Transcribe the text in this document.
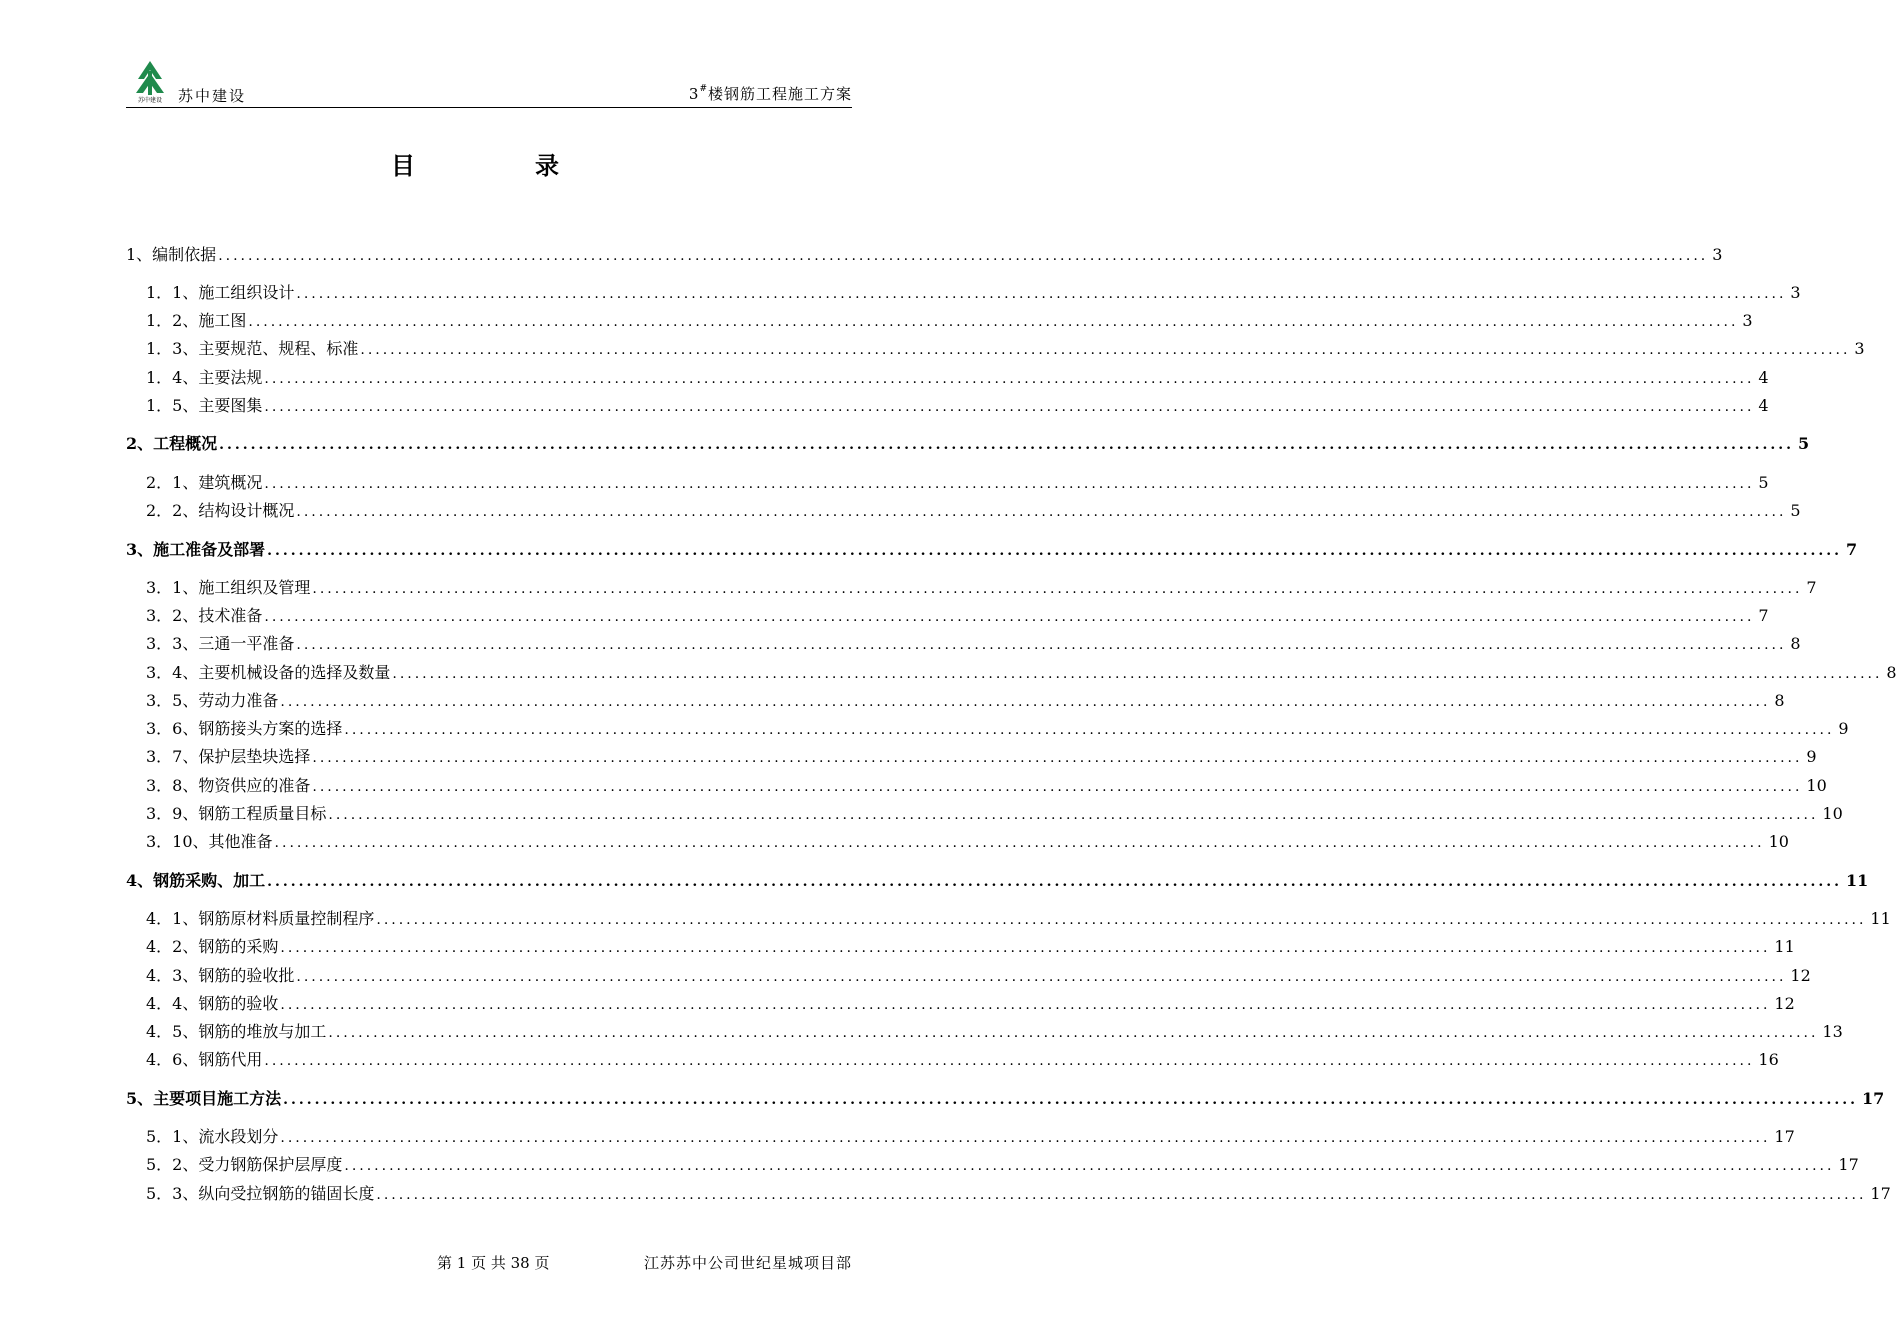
苏中建设 苏中建设	3#楼钢筋工程施工方案
目录
1、编制依据 ........................................................................................................................................................................................................ 3
1．1、施工组织设计 ........................................................................................................................................................................................................ 3
1．2、施工图 ........................................................................................................................................................................................................ 3
1．3、主要规范、规程、标准 ........................................................................................................................................................................................................ 3
1．4、主要法规 ........................................................................................................................................................................................................ 4
1．5、主要图集 ........................................................................................................................................................................................................ 4
2、工程概况 ........................................................................................................................................................................................................ 5
2．1、建筑概况 ........................................................................................................................................................................................................ 5
2．2、结构设计概况 ........................................................................................................................................................................................................ 5
3、施工准备及部署 ........................................................................................................................................................................................................ 7
3．1、施工组织及管理 ........................................................................................................................................................................................................ 7
3．2、技术准备 ........................................................................................................................................................................................................ 7
3．3、三通一平准备 ........................................................................................................................................................................................................ 8
3．4、主要机械设备的选择及数量 ........................................................................................................................................................................................................ 8
3．5、劳动力准备 ........................................................................................................................................................................................................ 8
3．6、钢筋接头方案的选择 ........................................................................................................................................................................................................ 9
3．7、保护层垫块选择 ........................................................................................................................................................................................................ 9
3．8、物资供应的准备 ........................................................................................................................................................................................................ 10
3．9、钢筋工程质量目标 ........................................................................................................................................................................................................ 10
3．10、其他准备 ........................................................................................................................................................................................................ 10
4、钢筋采购、加工 ........................................................................................................................................................................................................ 11
4．1、钢筋原材料质量控制程序 ........................................................................................................................................................................................................ 11
4．2、钢筋的采购 ........................................................................................................................................................................................................ 11
4．3、钢筋的验收批 ........................................................................................................................................................................................................ 12
4．4、钢筋的验收 ........................................................................................................................................................................................................ 12
4．5、钢筋的堆放与加工 ........................................................................................................................................................................................................ 13
4．6、钢筋代用 ........................................................................................................................................................................................................ 16
5、主要项目施工方法 ........................................................................................................................................................................................................ 17
5．1、流水段划分 ........................................................................................................................................................................................................ 17
5．2、受力钢筋保护层厚度 ........................................................................................................................................................................................................ 17
5．3、纵向受拉钢筋的锚固长度 ........................................................................................................................................................................................................ 17
第 1 页 共 38 页	江苏苏中公司世纪星城项目部
